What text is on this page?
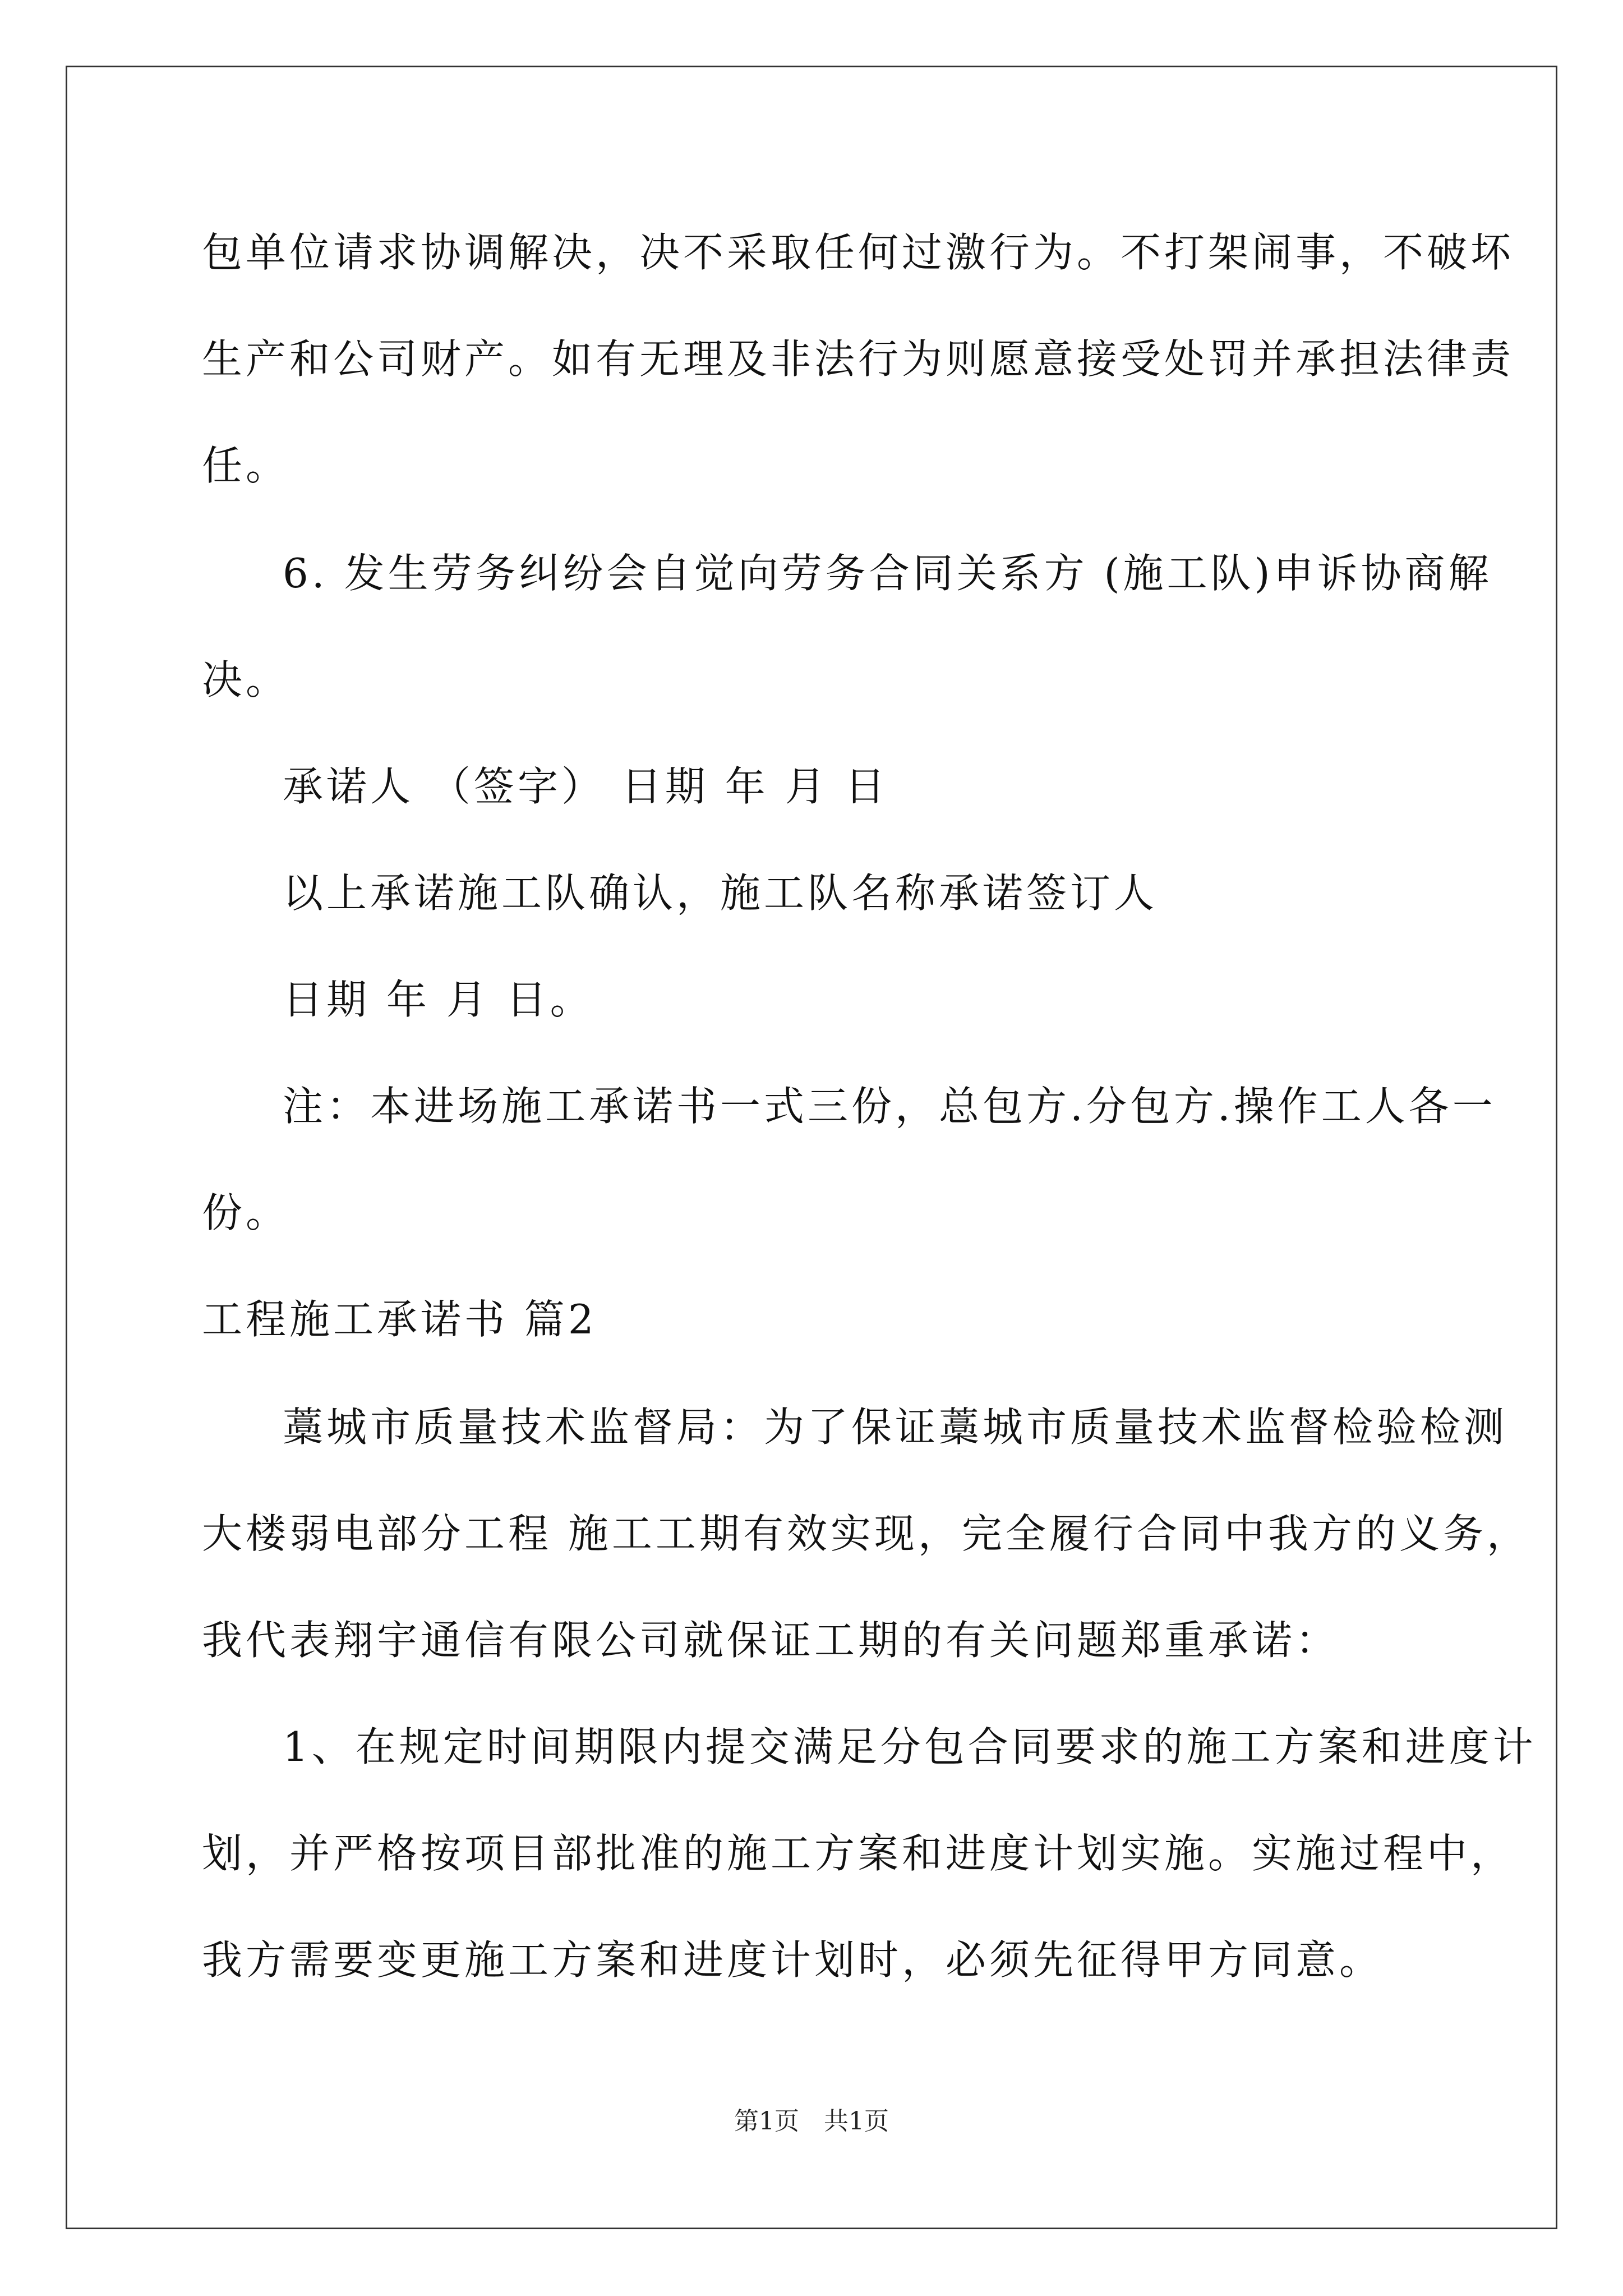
包单位请求协调解决，决不采取任何过激行为。不打架闹事，不破坏
生产和公司财产。如有无理及非法行为则愿意接受处罚并承担法律责
任。
6. 发生劳务纠纷会自觉向劳务合同关系方 (施工队)申诉协商解
决。
承诺人 （签字） 日期 年 月 日
以上承诺施工队确认，施工队名称承诺签订人
日期 年 月 日。
注：本进场施工承诺书一式三份，总包方.分包方.操作工人各一
份。
工程施工承诺书 篇2
藁城市质量技术监督局：为了保证藁城市质量技术监督检验检测
大楼弱电部分工程 施工工期有效实现，完全履行合同中我方的义务，
我代表翔宇通信有限公司就保证工期的有关问题郑重承诺：
1、在规定时间期限内提交满足分包合同要求的施工方案和进度计
划，并严格按项目部批准的施工方案和进度计划实施。实施过程中，
我方需要变更施工方案和进度计划时，必须先征得甲方同意。
第1页　共1页
